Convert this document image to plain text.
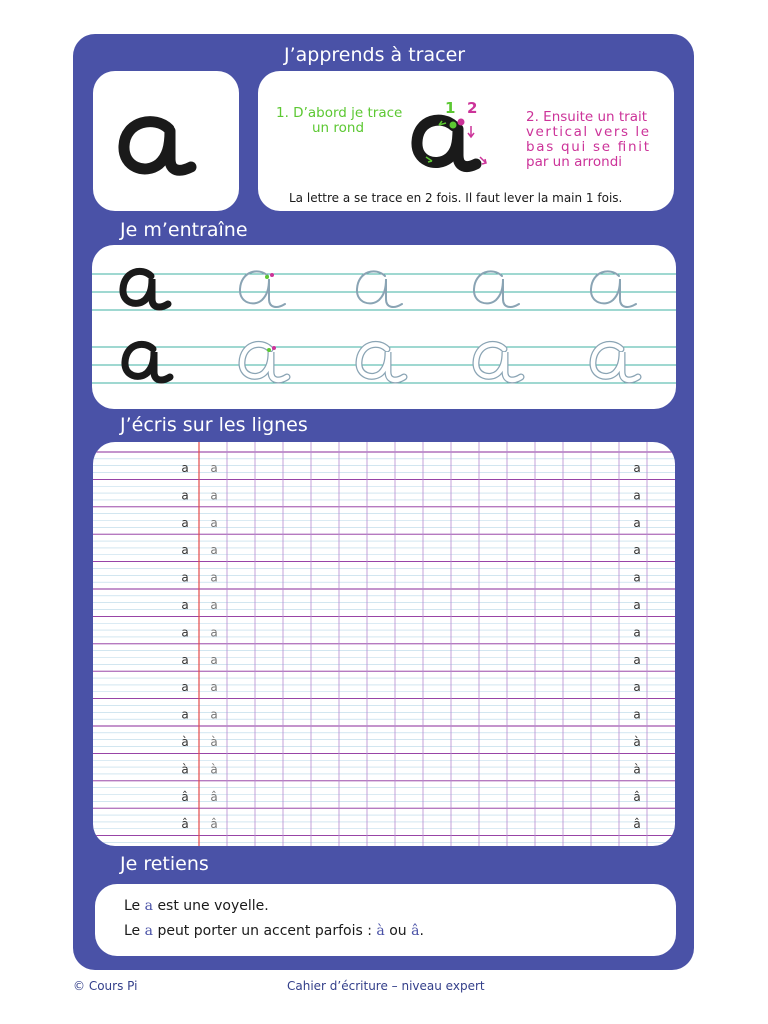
J’apprends à tracer
Je m’entraîne
J’écris sur les lignes
Je retiens
1. D’abord je trace
un rond
1 2	2. Ensuite un trait
vertical vers le
bas qui se finit
par un arrondi
La lettre a se trace en 2 fois. Il faut lever la main 1 fois.
a a	a
a a	a
a a	a
a a	a
a a	a
a a	a
a a	a
a a	a
a a	a
a a	a
à à	à
à à	à
â â	â
â â	â
Le a est une voyelle.
Le a peut porter un accent parfois : à ou â.
© Cours Pi	Cahier d’écriture – niveau expert
